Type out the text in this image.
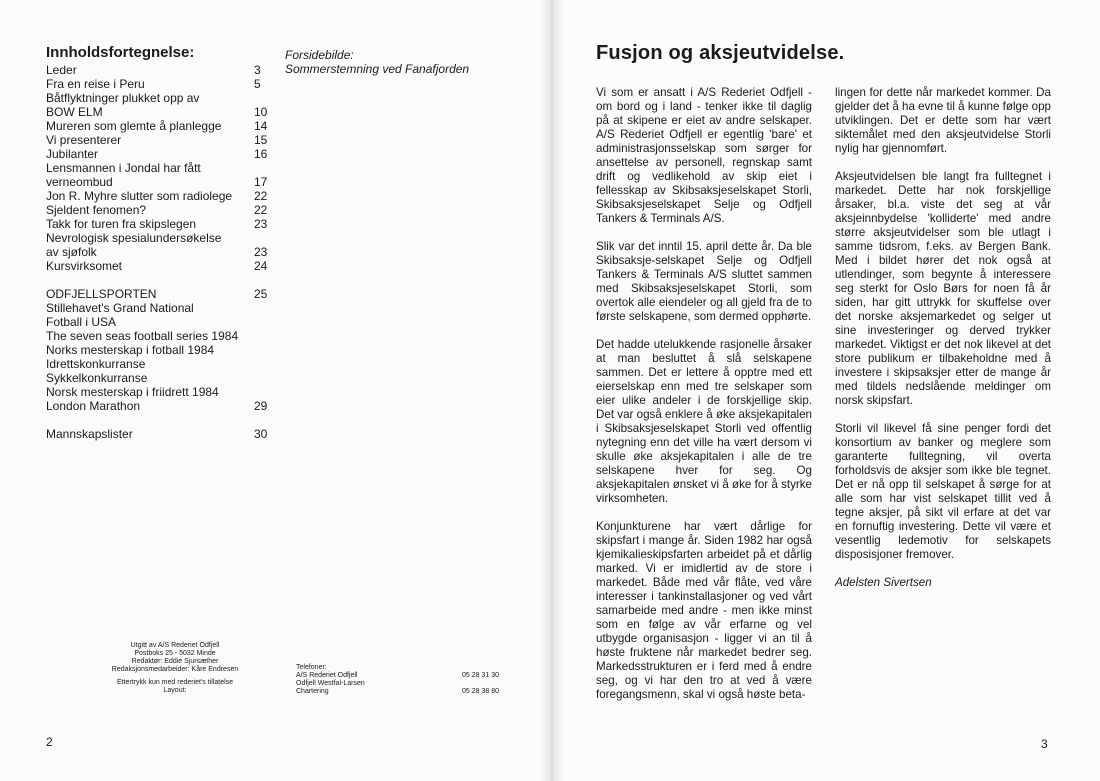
Innholdsfortegnelse:
Leder	3
Fra en reise i Peru	5
Båtflyktninger plukket opp av
BOW ELM	10
Mureren som glemte å planlegge	14
Vi presenterer	15
Jubilanter	16
Lensmannen i Jondal har fått
verneombud	17
Jon R. Myhre slutter som radiolege	22
Sjeldent fenomen?	22
Takk for turen fra skipslegen	23
Nevrologisk spesialundersøkelse
av sjøfolk	23
Kursvirksomet	24
ODFJELLSPORTEN	25
Stillehavet's Grand National
Fotball i USA
The seven seas football series 1984
Norks mesterskap i fotball 1984
Idrettskonkurranse
Sykkelkonkurranse
Norsk mesterskap i friidrett 1984
London Marathon	29
Mannskapslister	30
Forsidebilde:
Sommerstemning ved Fanafjorden

Utgitt av A/S Rederiet Odfjell

Postboks 25 - 5032 Minde

Redaktør: Eddie Sjursæther

Redaksjonsmedarbeider: Kåre Endresen

Ettertrykk kun med rederiet's tillatelse

Layout:

Telefoner:
A/S Rederiet Odfjell	05 28 31 30
Odfjell Westfal-Larsen
Chartering	05 28 38 80
2
Fusjon og aksjeutvidelse.

Vi som er ansatt i A/S Rederiet Odfjell -om bord og i land - tenker ikke til daglig på at skipene er eiet av andre selskaper. A/S Rederiet Odfjell er egentlig 'bare' et administrasjonsselskap som sørger for ansettelse av personell, regnskap samt drift og vedlikehold av skip eiet i fellesskap av Skibsaksjeselskapet Storli, Skibsaksjeselskapet Selje og Odfjell Tankers & Terminals A/S.

Slik var det inntil 15. april dette år. Da ble Skibsaksje-selskapet Selje og Odfjell Tankers & Terminals A/S sluttet sammen med Skibsaksjeselskapet Storli, som overtok alle eiendeler og all gjeld fra de to første selskapene, som dermed opphørte.

Det hadde utelukkende rasjonelle årsaker at man besluttet å slå selskapene sammen. Det er lettere å opptre med ett eierselskap enn med tre selskaper som eier ulike andeler i de forskjellige skip. Det var også enklere å øke aksjekapitalen i Skibsaksjeselskapet Storli ved offentlig nytegning enn det ville ha vært dersom vi skulle øke aksjekapitalen i alle de tre selskapene hver for seg. Og aksjekapitalen ønsket vi å øke for å styrke virksomheten.

Konjunkturene har vært dårlige for skipsfart i mange år. Siden 1982 har også kjemikalieskipsfarten arbeidet på et dårlig marked. Vi er imidlertid av de store i markedet. Både med vår flåte, ved våre interesser i tankinstallasjoner og ved vårt samarbeide med andre - men ikke minst som en følge av vår erfarne og vel utbygde organisasjon - ligger vi an til å høste fruktene når markedet bedrer seg. Markedsstrukturen er i ferd med å endre seg, og vi har den tro at ved å være foregangsmenn, skal vi også høste beta-

lingen for dette når markedet kommer. Da gjelder det å ha evne til å kunne følge opp utviklingen. Det er dette som har vært siktemålet med den aksjeutvidelse Storli nylig har gjennomført.

Aksjeutvidelsen ble langt fra fulltegnet i markedet. Dette har nok forskjellige årsaker, bl.a. viste det seg at vår aksjeinnbydelse 'kolliderte' med andre større aksjeutvidelser som ble utlagt i samme tidsrom, f.eks. av Bergen Bank. Med i bildet hører det nok også at utlendinger, som begynte å interessere seg sterkt for Oslo Børs for noen få år siden, har gitt uttrykk for skuffelse over det norske aksjemarkedet og selger ut sine investeringer og derved trykker markedet. Viktigst er det nok likevel at det store publikum er tilbakeholdne med å investere i skipsaksjer etter de mange år med tildels nedslående meldinger om norsk skipsfart.

Storli vil likevel få sine penger fordi det konsortium av banker og meglere som garanterte fulltegning, vil overta forholdsvis de aksjer som ikke ble tegnet. Det er nå opp til selskapet å sørge for at alle som har vist selskapet tillit ved å tegne aksjer, på sikt vil erfare at det var en fornuftig investering. Dette vil være et vesentlig ledemotiv for selskapets disposisjoner fremover.

Adelsten Sivertsen

3
